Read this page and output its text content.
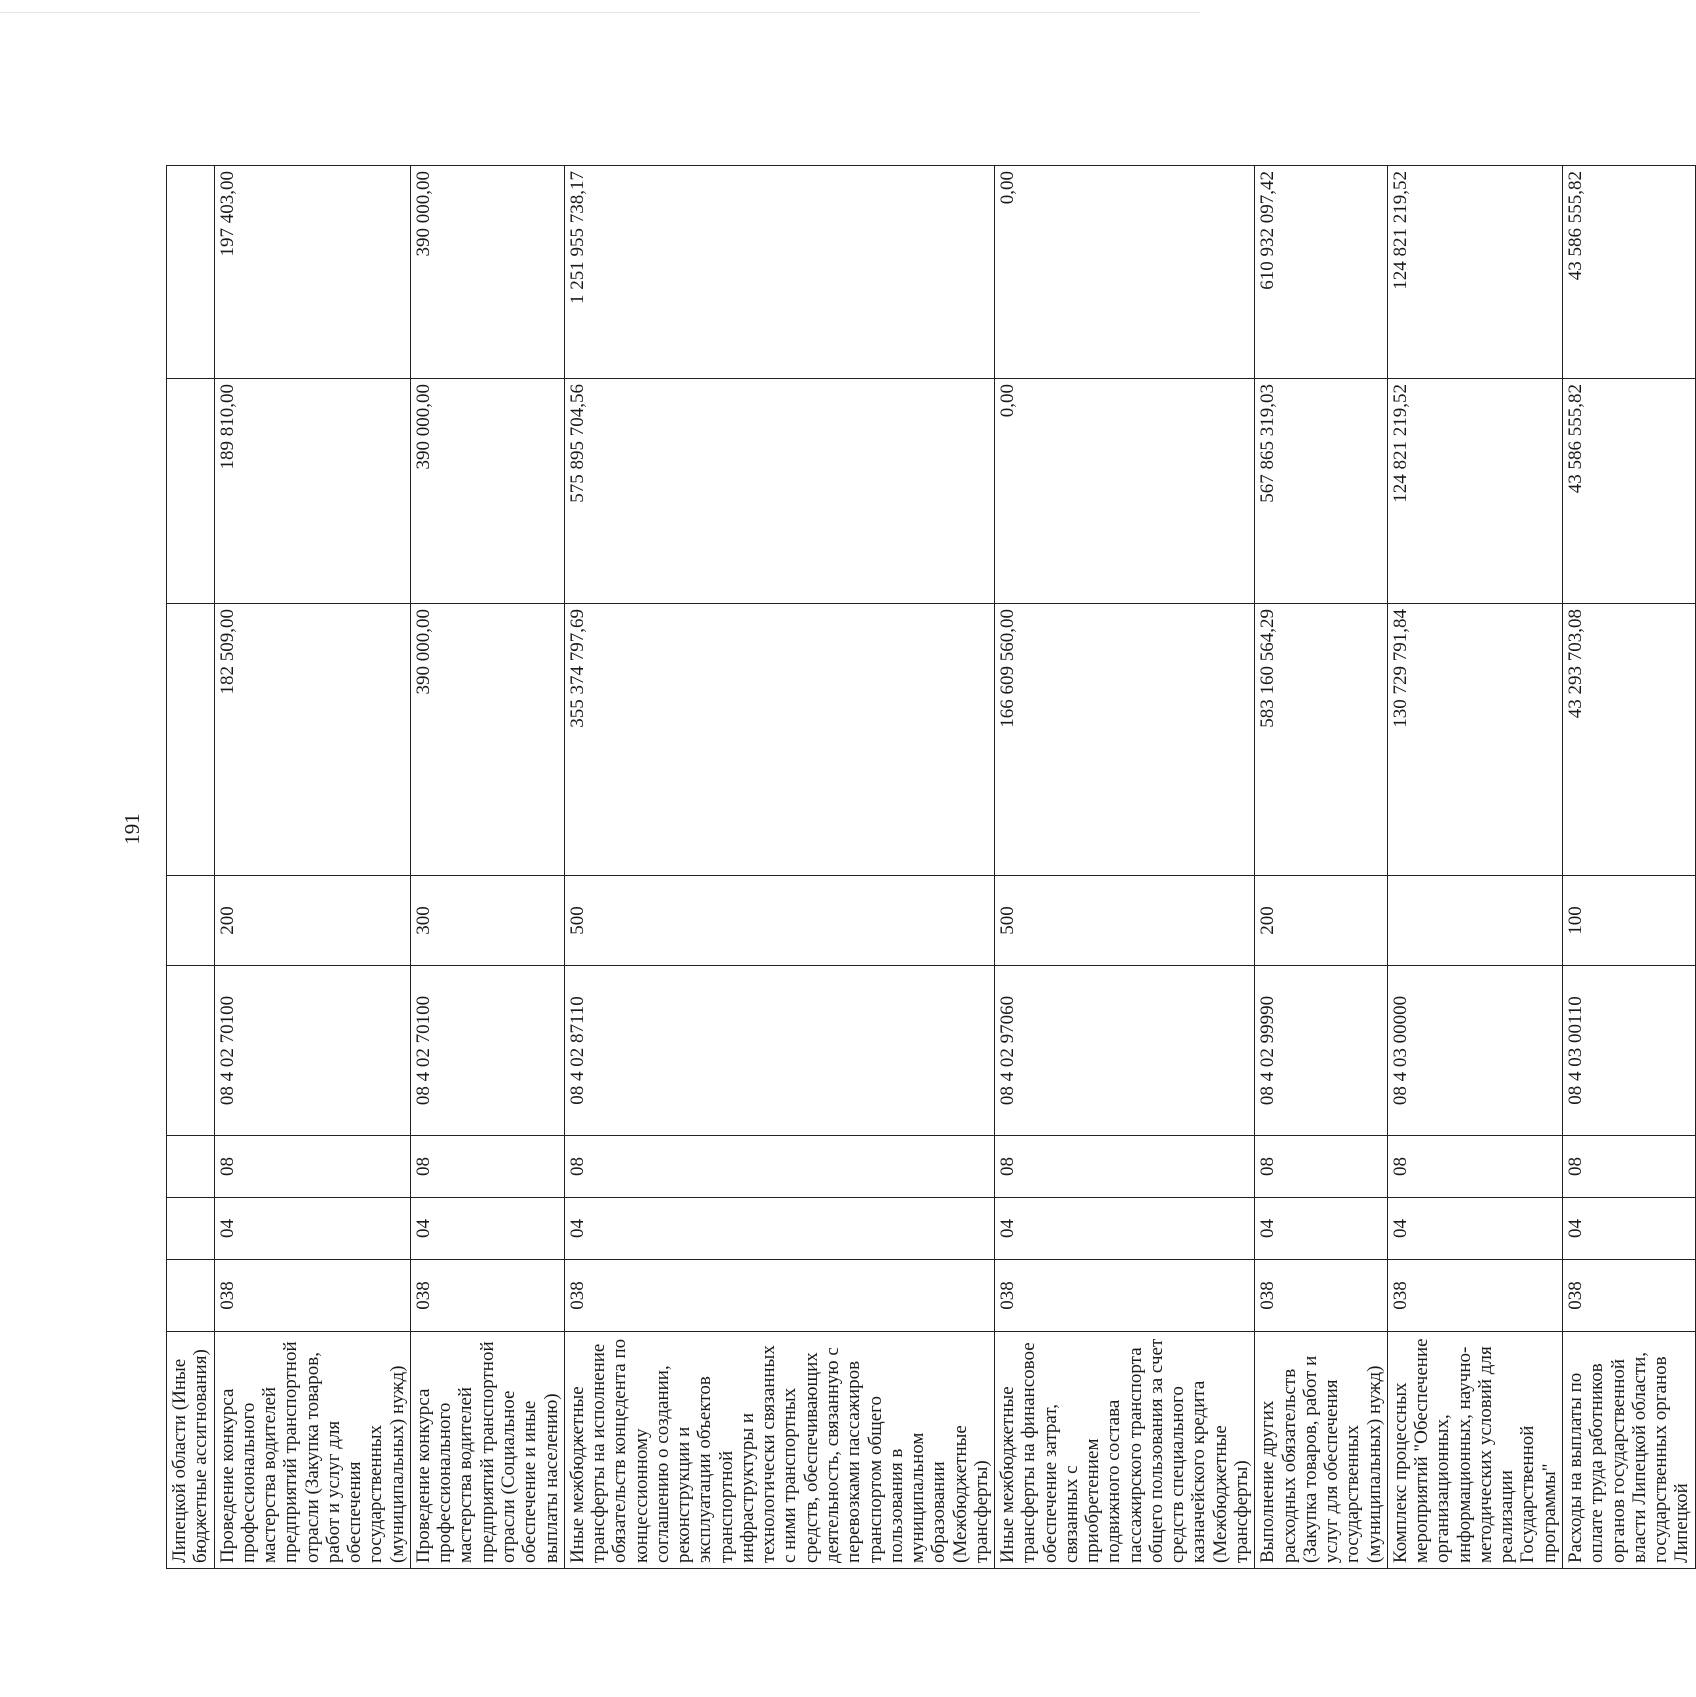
191
Липецкой области (Иные бюджетные ассигнования)								
Проведение конкурса профессионального мастерства водителей предприятий транспортной отрасли (Закупка товаров, работ и услуг для обеспечения государственных (муниципальных) нужд)	038	04	08	08 4 02 70100	200	182 509,00	189 810,00	197 403,00
Проведение конкурса профессионального мастерства водителей предприятий транспортной отрасли (Социальное обеспечение и иные выплаты населению)	038	04	08	08 4 02 70100	300	390 000,00	390 000,00	390 000,00
Иные межбюджетные трансферты на исполнение обязательств концедента по концессионному соглашению о создании, реконструкции и эксплуатации объектов транспортной инфраструктуры и технологически связанных с ними транспортных средств, обеспечивающих деятельность, связанную с перевозками пассажиров транспортом общего пользования в муниципальном образовании (Межбюджетные трансферты)	038	04	08	08 4 02 87110	500	355 374 797,69	575 895 704,56	1 251 955 738,17
Иные межбюджетные трансферты на финансовое обеспечение затрат, связанных с приобретением подвижного состава пассажирского транспорта общего пользования за счет средств специального казначейского кредита (Межбюджетные трансферты)	038	04	08	08 4 02 97060	500	166 609 560,00	0,00	0,00
Выполнение других расходных обязательств (Закупка товаров, работ и услуг для обеспечения государственных (муниципальных) нужд)	038	04	08	08 4 02 99990	200	583 160 564,29	567 865 319,03	610 932 097,42
Комплекс процессных мероприятий "Обеспечение организационных, информационных, научно-методических условий для реализации Государственной программы"	038	04	08	08 4 03 00000		130 729 791,84	124 821 219,52	124 821 219,52
Расходы на выплаты по оплате труда работников органов государственной власти Липецкой области, государственных органов Липецкой	038	04	08	08 4 03 00110	100	43 293 703,08	43 586 555,82	43 586 555,82
